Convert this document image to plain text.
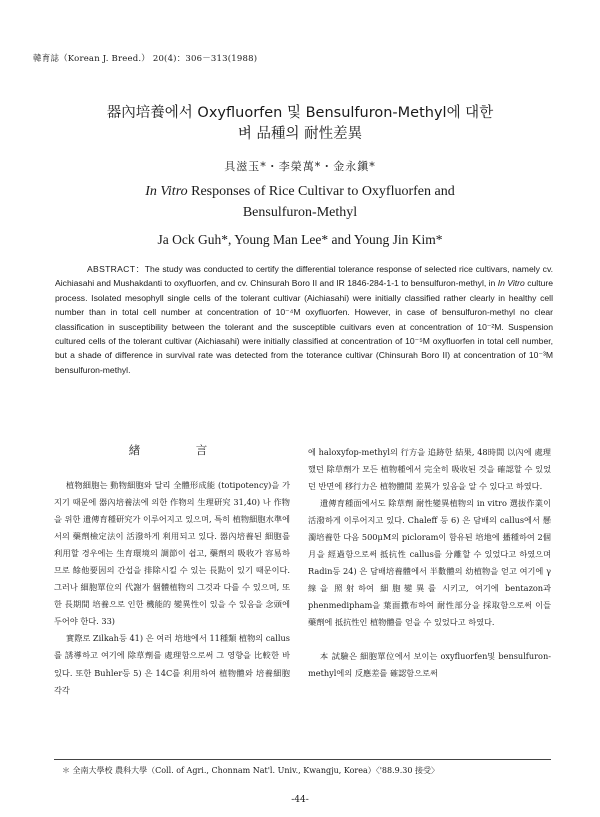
韓育誌（Korean J. Breed.） 20(4)：306－313(1988)
器內培養에서 Oxyfluorfen 및 Bensulfuron-Methyl에 대한
벼 品種의 耐性差異
具滋玉*・李榮萬*・金永鎭*
In Vitro Responses of Rice Cultivar to Oxyfluorfen and
Bensulfuron-Methyl
Ja Ock Guh*, Young Man Lee* and Young Jin Kim*
ABSTRACT：The study was conducted to certify the differential tolerance response of selected rice cultivars, namely cv. Aichiasahi and Mushakdanti to oxyfluorfen, and cv. Chinsurah Boro II and IR 1846-284-1-1 to bensulfuron-methyl, in In Vitro culture process. Isolated mesophyll single cells of the tolerant cultivar (Aichiasahi) were initially classified rather clearly in healthy cell number than in total cell number at concentration of 10⁻⁴M oxyfluorfen. However, in case of bensulfuron-methyl no clear classification in susceptibility between the tolerant and the susceptible cuitivars even at concentration of 10⁻²M. Suspension cultured cells of the tolerant cultivar (Aichiasahi) were initially classified at concentration of 10⁻⁵M oxyfluorfen in total cell number, but a shade of difference in survival rate was detected from the toterance cultivar (Chinsurah Boro II) at concentration of 10⁻³M bensulfuron-methyl.
緖　言

植物細胞는 動物細胞와 달리 全體形成能 (totipotency)을 가지기 때문에 器內培養法에 의한 作物의 生理研究 31,40) 나 作物을 위한 遺傳育種研究가 이루어지고 있으며, 특히 植物細胞水準에서의 藥劑檢定法이 活潑하게 利用되고 있다. 器內培養된 細胞를 利用할 경우에는 生育環境의 調節이 쉽고, 藥劑의 吸收가 容易하므로 餘他要因의 간섭을 排除시킬 수 있는 長點이 있기 때문이다. 그러나 細胞單位의 代謝가 個體植物의 그것과 다를 수 있으며, 또한 長期間 培養으로 인한 機能的 變異性이 있을 수 있음을 念頭에 두어야 한다. 33)

實際로 Zilkah등 41) 은 여러 培地에서 11種類 植物의 callus를 誘導하고 여기에 除草劑를 處理함으로써 그 영향을 比較한 바 있다. 또한 Buhler등 5) 은 14C를 利用하여 植物體와 培養細胞 각각

에 haloxyfop-methyl의 行方을 追跡한 結果, 48時間 以內에 處理했던 除草劑가 모든 植物種에서 完全히 吸收된 것을 確認할 수 있었던 반면에 移行力은 植物體間 差異가 있음을 알 수 있다고 하였다.

遺傳育種面에서도 除草劑 耐性變異植物의 in vitro 選拔作業이 活潑하게 이루어지고 있다. Chaleff 등 6) 은 담배의 callus에서 懸濁培養한 다음 500μM의 picloram이 함유된 培地에 播種하여 2個月을 經過함으로써 抵抗性 callus를 分離할 수 있었다고 하였으며 Radin등 24) 은 담배培養體에서 半數體의 幼植物을 얻고 여기에 γ線을 照射하여 細胞變異를 시키고, 여기에 bentazon과 phenmedipham을 葉面撒布하여 耐性部分을 採取함으로써 이들 藥劑에 抵抗性인 植物體를 얻을 수 있었다고 하였다.

本 試驗은 細胞單位에서 보이는 oxyfluorfen및 bensulfuron-methyl에의 反應差를 確認함으로써

＊ 全南大學校 農科大學（Coll. of Agri., Chonnam Nat'l. Univ., Kwangju, Korea）〈'88.9.30 接受〉
-44-
